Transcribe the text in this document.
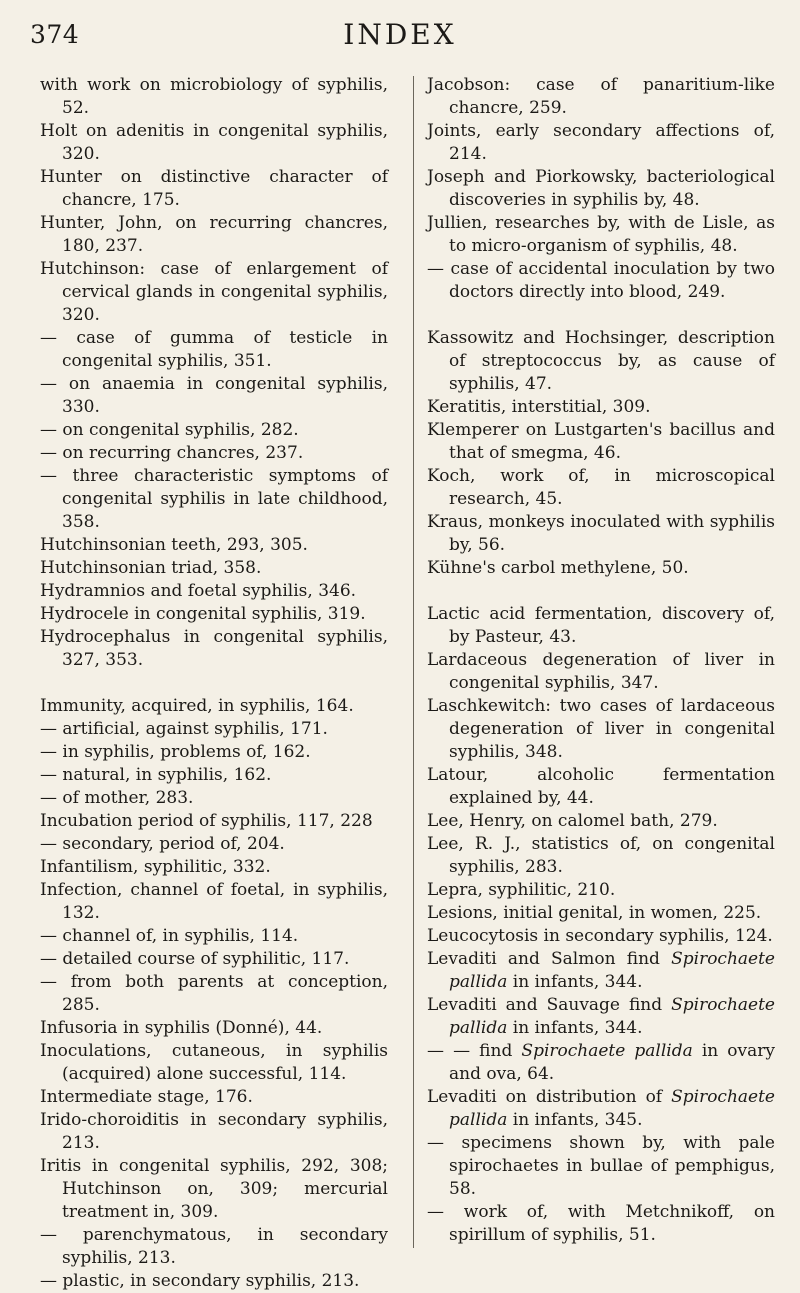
374	INDEX
with work on microbiology of syphilis, 52.
Holt on adenitis in congenital syphilis, 320.
Hunter on distinctive character of chancre, 175.
Hunter, John, on recurring chancres, 180, 237.
Hutchinson: case of enlargement of cervical glands in congenital syphilis, 320.
— case of gumma of testicle in congenital syphilis, 351.
— on anaemia in congenital syphilis, 330.
— on congenital syphilis, 282.
— on recurring chancres, 237.
— three characteristic symptoms of congenital syphilis in late childhood, 358.
Hutchinsonian teeth, 293, 305.
Hutchinsonian triad, 358.
Hydramnios and foetal syphilis, 346.
Hydrocele in congenital syphilis, 319.
Hydrocephalus in congenital syphilis, 327, 353.
Immunity, acquired, in syphilis, 164.
— artificial, against syphilis, 171.
— in syphilis, problems of, 162.
— natural, in syphilis, 162.
— of mother, 283.
Incubation period of syphilis, 117, 228
— secondary, period of, 204.
Infantilism, syphilitic, 332.
Infection, channel of foetal, in syphilis, 132.
— channel of, in syphilis, 114.
— detailed course of syphilitic, 117.
— from both parents at conception, 285.
Infusoria in syphilis (Donné), 44.
Inoculations, cutaneous, in syphilis (acquired) alone successful, 114.
Intermediate stage, 176.
Irido-choroiditis in secondary syphilis, 213.
Iritis in congenital syphilis, 292, 308; Hutchinson on, 309; mercurial treatment in, 309.
— parenchymatous, in secondary syphilis, 213.
— plastic, in secondary syphilis, 213.
Jacobson: case of panaritium-like chancre, 259.
Joints, early secondary affections of, 214.
Joseph and Piorkowsky, bacteriological discoveries in syphilis by, 48.
Jullien, researches by, with de Lisle, as to micro-organism of syphilis, 48.
— case of accidental inoculation by two doctors directly into blood, 249.
Kassowitz and Hochsinger, description of streptococcus by, as cause of syphilis, 47.
Keratitis, interstitial, 309.
Klemperer on Lustgarten's bacillus and that of smegma, 46.
Koch, work of, in microscopical research, 45.
Kraus, monkeys inoculated with syphilis by, 56.
Kühne's carbol methylene, 50.
Lactic acid fermentation, discovery of, by Pasteur, 43.
Lardaceous degeneration of liver in congenital syphilis, 347.
Laschkewitch: two cases of lardaceous degeneration of liver in congenital syphilis, 348.
Latour, alcoholic fermentation explained by, 44.
Lee, Henry, on calomel bath, 279.
Lee, R. J., statistics of, on congenital syphilis, 283.
Lepra, syphilitic, 210.
Lesions, initial genital, in women, 225.
Leucocytosis in secondary syphilis, 124.
Levaditi and Salmon find Spirochaete pallida in infants, 344.
Levaditi and Sauvage find Spirochaete pallida in infants, 344.
— — find Spirochaete pallida in ovary and ova, 64.
Levaditi on distribution of Spirochaete pallida in infants, 345.
— specimens shown by, with pale spirochaetes in bullae of pemphigus, 58.
— work of, with Metchnikoff, on spirillum of syphilis, 51.
